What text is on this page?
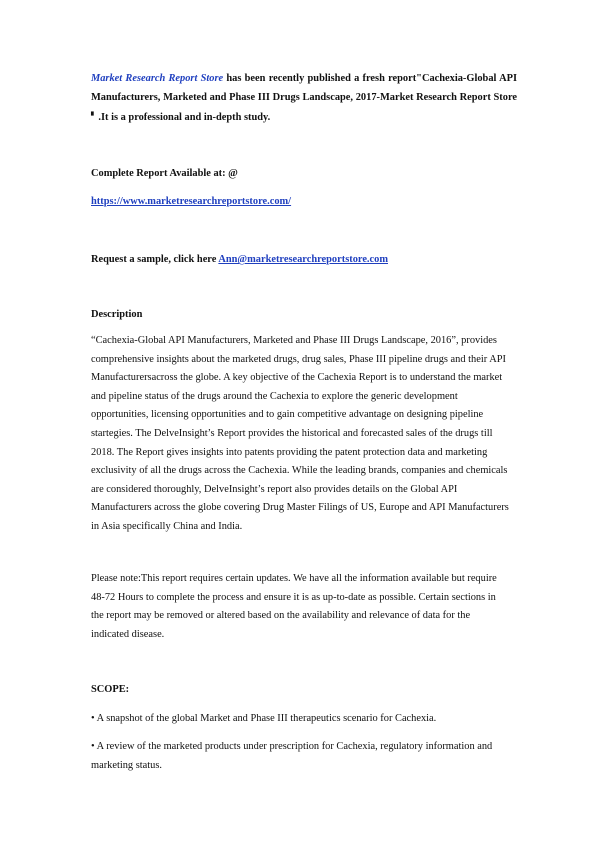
Market Research Report Store has been recently published a fresh report"Cachexia-Global API Manufacturers, Marketed and Phase III Drugs Landscape, 2017-Market Research Report Store ▘ .It is a professional and in-depth study.

Complete Report Available at: @

https://www.marketresearchreportstore.com/

Request a sample, click here Ann@marketresearchreportstore.com

Description

“Cachexia-Global API Manufacturers, Marketed and Phase III Drugs Landscape, 2016”, provides comprehensive insights about the marketed drugs, drug sales, Phase III pipeline drugs and their API Manufacturersacross the globe. A key objective of the Cachexia Report is to understand the market and pipeline status of the drugs around the Cachexia to explore the generic development opportunities, licensing opportunities and to gain competitive advantage on designing pipeline startegies. The DelveInsight’s Report provides the historical and forecasted sales of the drugs till 2018. The Report gives insights into patents providing the patent protection data and marketing exclusivity of all the drugs across the Cachexia. While the leading brands, companies and chemicals are considered thoroughly, DelveInsight’s report also provides details on the Global API Manufacturers across the globe covering Drug Master Filings of US, Europe and API Manufacturers in Asia specifically China and India.

Please note:This report requires certain updates. We have all the information available but require 48-72 Hours to complete the process and ensure it is as up-to-date as possible. Certain sections in the report may be removed or altered based on the availability and relevance of data for the indicated disease.

SCOPE:

• A snapshot of the global Market and Phase III therapeutics scenario for Cachexia.

• A review of the marketed products under prescription for Cachexia, regulatory information and marketing status.
